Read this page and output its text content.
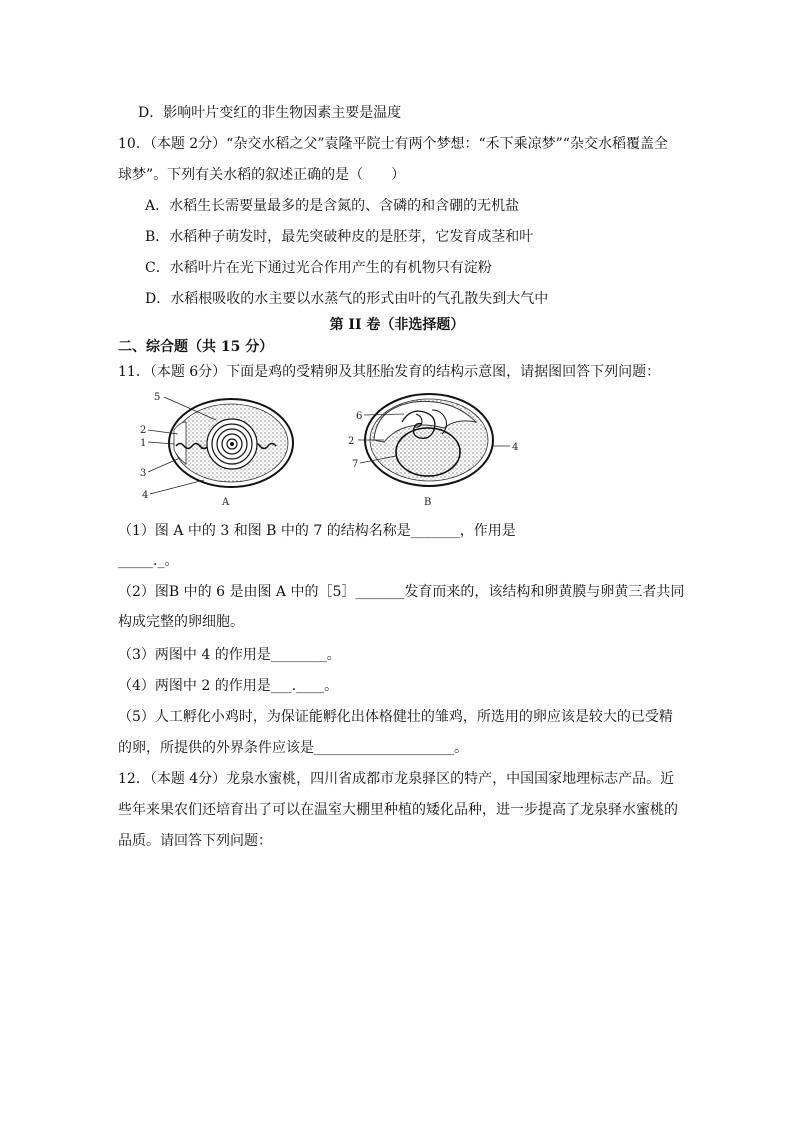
D．影响叶片变红的非生物因素主要是温度
10．（本题 2分）“杂交水稻之父”袁隆平院士有两个梦想：“禾下乘凉梦”“杂交水稻覆盖全
球梦”。下列有关水稻的叙述正确的是（　　）
A．水稻生长需要量最多的是含氮的、含磷的和含硼的无机盐
B．水稻种子萌发时，最先突破种皮的是胚芽，它发育成茎和叶
C．水稻叶片在光下通过光合作用产生的有机物只有淀粉
D．水稻根吸收的水主要以水蒸气的形式由叶的气孔散失到大气中
第 II 卷（非选择题）
二、综合题（共 15 分）
11．（本题 6分）下面是鸡的受精卵及其胚胎发育的结构示意图，请据图回答下列问题：
5
2
1
3
4
A
6
2
7
4
B
（1）图 A 中的 3 和图 B 中的 7 的结构名称是_______，作用是
_____._。
（2）图B 中的 6 是由图 A 中的［5］_______发育而来的，该结构和卵黄膜与卵黄三者共同
构成完整的卵细胞。
（3）两图中 4 的作用是________。
（4）两图中 2 的作用是___.____。
（5）人工孵化小鸡时，为保证能孵化出体格健壮的雏鸡，所选用的卵应该是较大的已受精
的卵，所提供的外界条件应该是____________________。
12．（本题 4分）龙泉水蜜桃，四川省成都市龙泉驿区的特产，中国国家地理标志产品。近
些年来果农们还培育出了可以在温室大棚里种植的矮化品种，进一步提高了龙泉驿水蜜桃的
品质。请回答下列问题：
